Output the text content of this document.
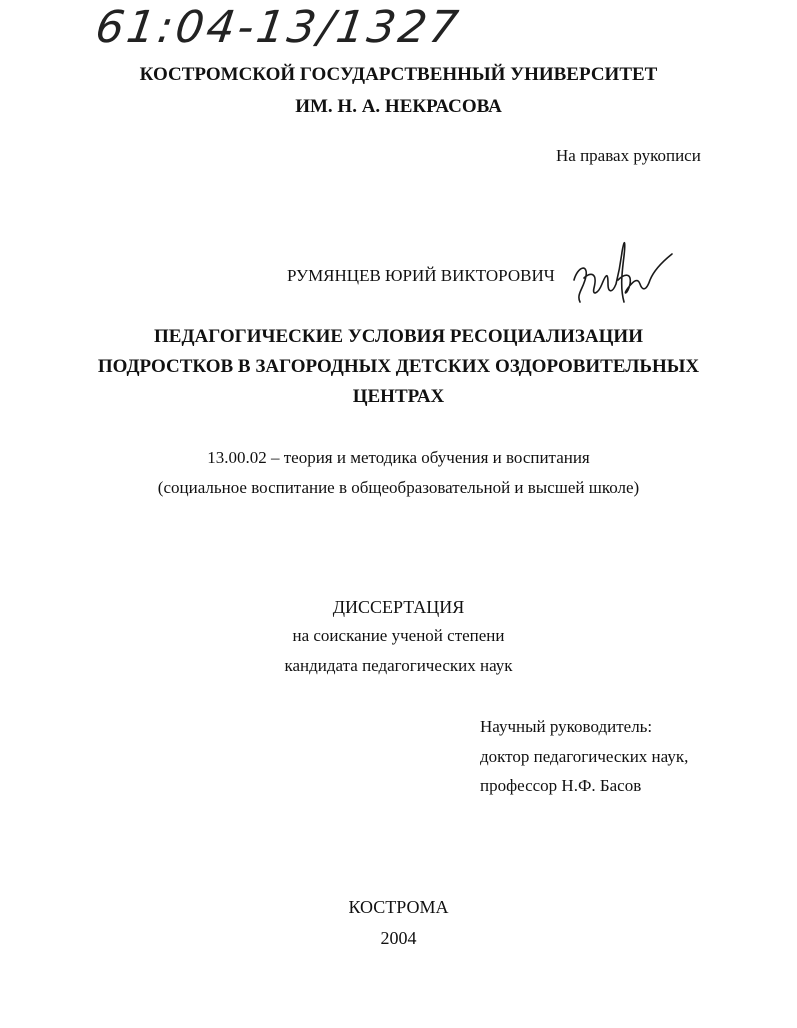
61:04-13/1327
КОСТРОМСКОЙ ГОСУДАРСТВЕННЫЙ УНИВЕРСИТЕТ
ИМ. Н. А. НЕКРАСОВА
На правах рукописи
РУМЯНЦЕВ ЮРИЙ ВИКТОРОВИЧ
ПЕДАГОГИЧЕСКИЕ УСЛОВИЯ РЕСОЦИАЛИЗАЦИИ
ПОДРОСТКОВ В ЗАГОРОДНЫХ ДЕТСКИХ ОЗДОРОВИТЕЛЬНЫХ
ЦЕНТРАХ
13.00.02 – теория и методика обучения и воспитания
(социальное воспитание в общеобразовательной и высшей школе)
ДИССЕРТАЦИЯ
на соискание ученой степени
кандидата педагогических наук
Научный руководитель:
доктор педагогических наук,
профессор Н.Ф. Басов
КОСТРОМА
2004
